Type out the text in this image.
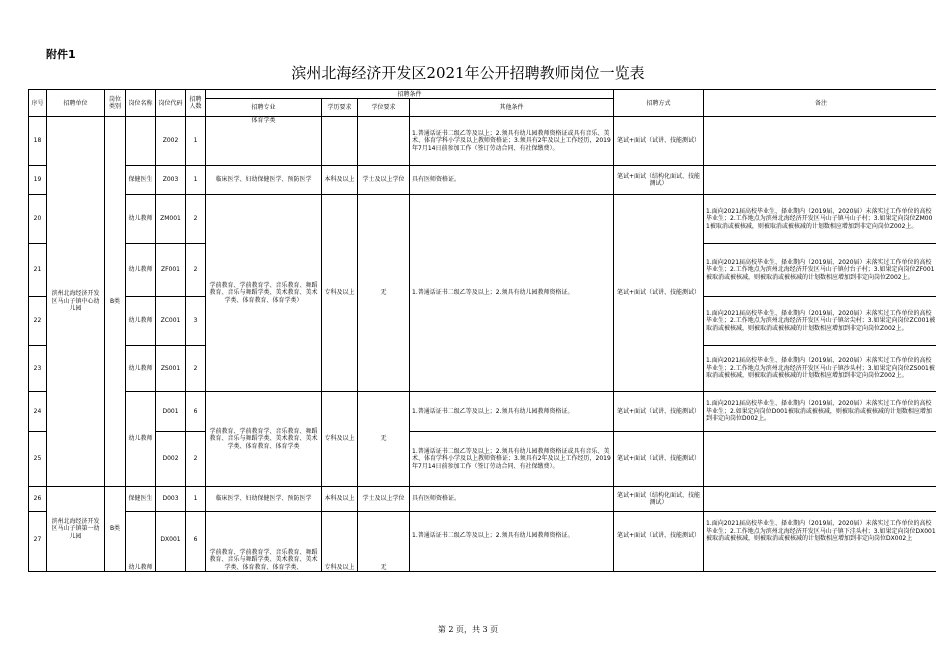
附件1
滨州北海经济开发区2021年公开招聘教师岗位一览表
序号	招聘单位	岗位类别	岗位名称	岗位代码	招聘人数	招聘条件				招聘方式	备注
						招聘专业	学历要求	学位要求	其他条件		
18	滨州北海经济开发区马山子镇中心幼儿园	B类		Z002	1	体育学类			1.普通话证书二级乙等及以上；2.须具有幼儿园教师资格证或具有音乐、美术、体育学科小学及以上教师资格证；3.须具有2年及以上工作经历，2019年7月14日前参加工作（签订劳动合同、有社保缴费）。	笔试+面试（试讲、技能测试）	
19			保健医生	Z003	1	临床医学、妇幼保健医学、预防医学	本科及以上	学士及以上学位	具有医师资格证。	笔试+面试（结构化面试、技能测试）	
20			幼儿教师	ZM001	2	学前教育、学前教育学、音乐教育、舞蹈教育、音乐与舞蹈学类、美术教育、美术学类、体育教育、体育学类）	专科及以上	无	1.普通话证书二级乙等及以上；2.须具有幼儿园教师资格证。	笔试+面试（试讲、技能测试）	1.面向2021届高校毕业生、择业期内（2019届、2020届）未落实过工作单位的高校毕业生；2.工作地点为滨州北海经济开发区马山子镇马山子村；3.如果定向岗位ZM001被取消或被核减，则被取消或被核减的计划数相应增加到非定向岗位Z002上。
21			幼儿教师	ZF001	2						1.面向2021届高校毕业生、择业期内（2019届、2020届）未落实过工作单位的高校毕业生；2.工作地点为滨州北海经济开发区马山子镇付台子村；3.如果定向岗位ZF001被取消或被核减，则被取消或被核减的计划数相应增加到非定向岗位Z002上。
22			幼儿教师	ZC001	3						1.面向2021届高校毕业生、择业期内（2019届、2020届）未落实过工作单位的高校毕业生；2.工作地点为滨州北海经济开发区马山子镇岔尖村；3.如果定向岗位ZC001被取消或被核减，则被取消或被核减的计划数相应增加到非定向岗位Z002上。
23			幼儿教师	ZS001	2						1.面向2021届高校毕业生、择业期内（2019届、2020届）未落实过工作单位的高校毕业生；2.工作地点为滨州北海经济开发区马山子镇沙头村；3.如果定向岗位ZS001被取消或被核减，则被取消或被核减的计划数相应增加到非定向岗位Z002上。
24			幼儿教师	D001	6	学前教育、学前教育学、音乐教育、舞蹈教育、音乐与舞蹈学类、美术教育、美术学类、体育教育、体育学类	专科及以上	无	1.普通话证书二级乙等及以上；2.须具有幼儿园教师资格证。	笔试+面试（试讲、技能测试）	1.面向2021届高校毕业生、择业期内（2019届、2020届）未落实过工作单位的高校毕业生；2.如果定向岗位D001被取消或被核减，则被取消或被核减的计划数相应增加到非定向岗位D002上。
25				D002	2				1.普通话证书二级乙等及以上；2.须具有幼儿园教师资格证或具有音乐、美术、体育学科小学及以上教师资格证；3.须具有2年及以上工作经历，2019年7月14日前参加工作（签订劳动合同、有社保缴费）。	笔试+面试（试讲、技能测试）	
26	滨州北海经济开发区马山子镇第一幼儿园	B类	保健医生	D003	1	临床医学、妇幼保健医学、预防医学	本科及以上	学士及以上学位	具有医师资格证。	笔试+面试（结构化面试、技能测试）	
27			幼儿教师	DX001	6	学前教育、学前教育学、音乐教育、舞蹈教育、音乐与舞蹈学类、美术教育、美术学类、体育教育、体育学类、	专科及以上	无	1.普通话证书二级乙等及以上；2.须具有幼儿园教师资格证。	笔试+面试（试讲、技能测试）	1.面向2021届高校毕业生、择业期内（2019届、2020届）未落实过工作单位的高校毕业生；2.工作地点为滨州北海经济开发区马山子镇下洼头村；3.如果定向岗位DX001被取消或被核减，则被取消或被核减的计划数相应增加到非定向岗位DX002上
第 2 页，共 3 页
